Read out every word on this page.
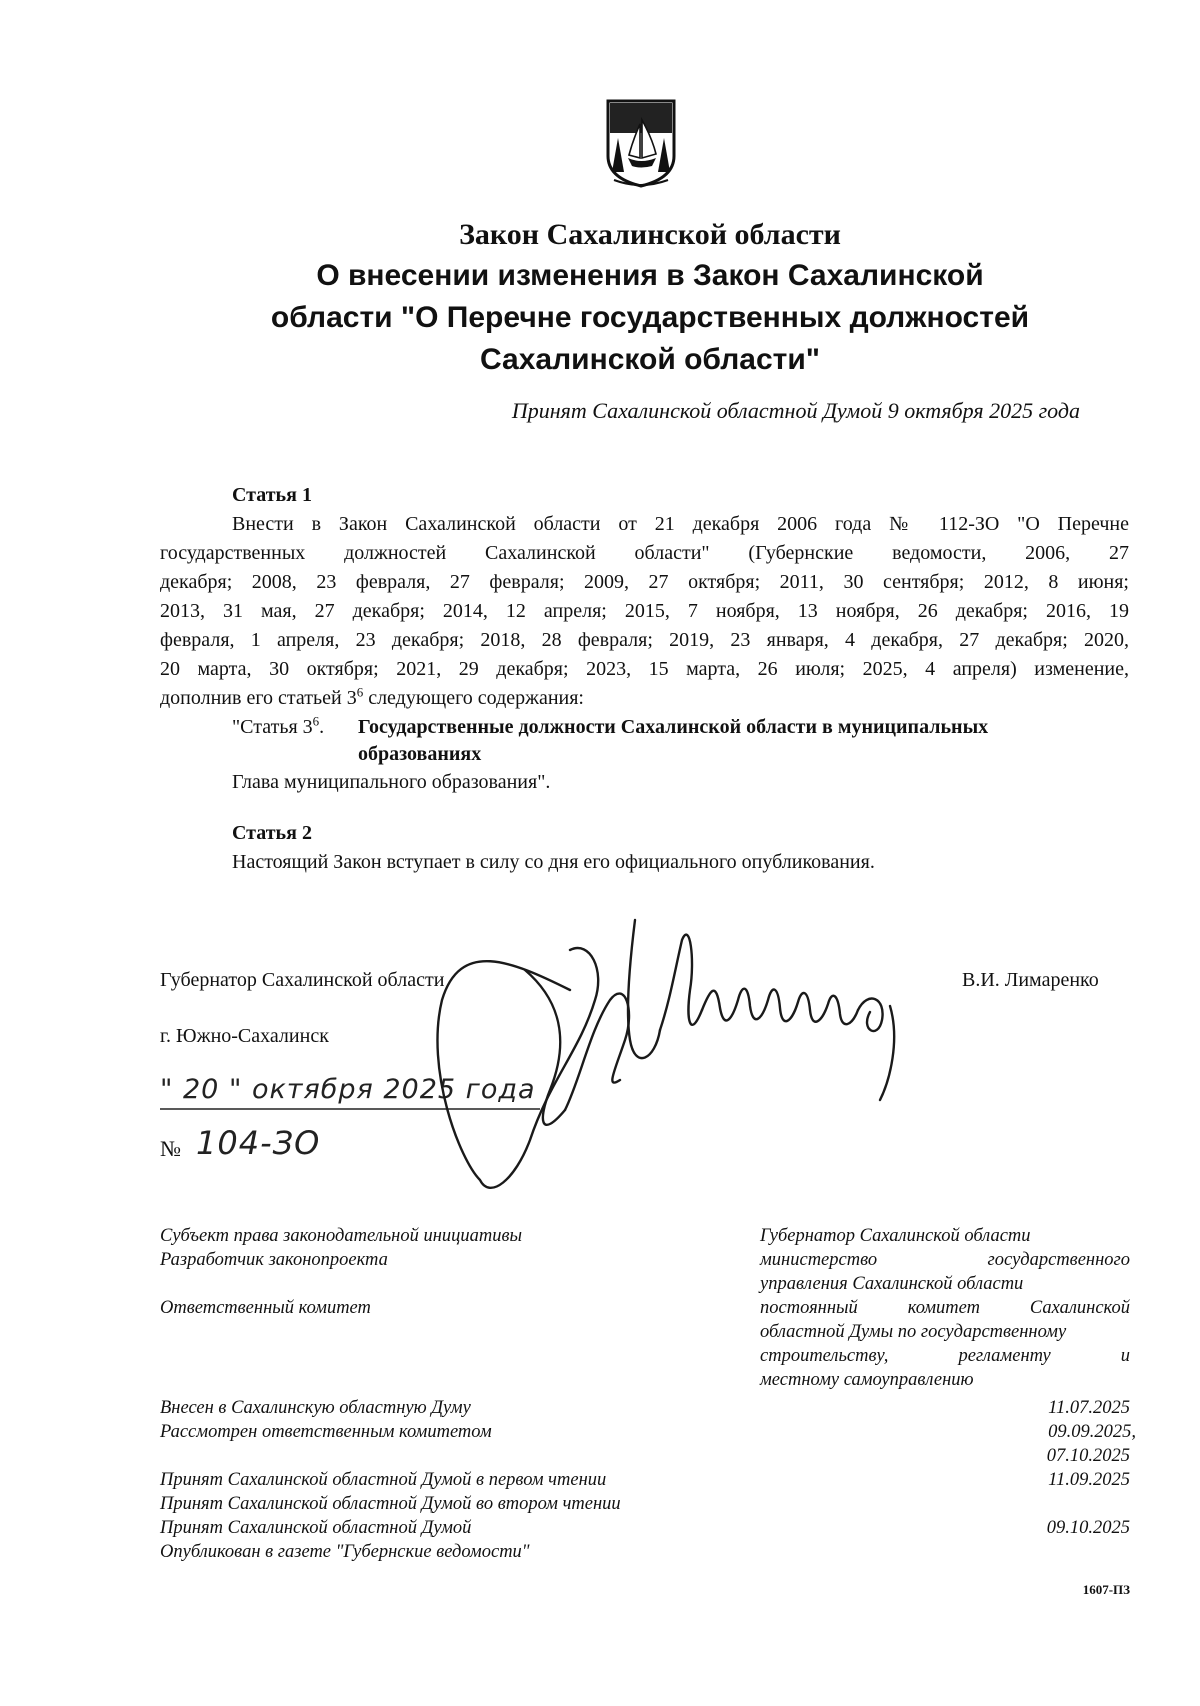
Закон Сахалинской области
О внесении изменения в Закон Сахалинской
области "О Перечне государственных должностей
Сахалинской области"
Принят Сахалинской областной Думой 9 октября 2025 года
Статья 1
Внести в Закон Сахалинской области от 21 декабря 2006 года № 112-ЗО "О Перечне
государственных должностей Сахалинской области" (Губернские ведомости, 2006, 27
декабря; 2008, 23 февраля, 27 февраля; 2009, 27 октября; 2011, 30 сентября; 2012, 8 июня;
2013, 31 мая, 27 декабря; 2014, 12 апреля; 2015, 7 ноября, 13 ноября, 26 декабря; 2016, 19
февраля, 1 апреля, 23 декабря; 2018, 28 февраля; 2019, 23 января, 4 декабря, 27 декабря; 2020,
20 марта, 30 октября; 2021, 29 декабря; 2023, 15 марта, 26 июля; 2025, 4 апреля) изменение,
дополнив его статьей $3^6$ следующего содержания:
"Статья $3^6$. Государственные должности Сахалинской области в муниципальных
образованиях
Глава муниципального образования".
Статья 2
Настоящий Закон вступает в силу со дня его официального опубликования.
Губернатор Сахалинской области	В.И. Лимаренко
г. Южно-Сахалинск
" 20 " октября 2025 года
№ 104-ЗО
Субъект права законодательной инициативы
Разработчик законопроекта
Ответственный комитет
Губернатор Сахалинской области
министерство государственного
управления Сахалинской области
постоянный комитет Сахалинской
областной Думы по государственному
строительству, регламенту и
местному самоуправлению
Внесен в Сахалинскую областную Думу
Рассмотрен ответственным комитетом
Принят Сахалинской областной Думой в первом чтении
Принят Сахалинской областной Думой во втором чтении
Принят Сахалинской областной Думой
Опубликован в газете "Губернские ведомости"
11.07.2025
09.09.2025,
07.10.2025
11.09.2025
09.10.2025
1607-ПЗ
